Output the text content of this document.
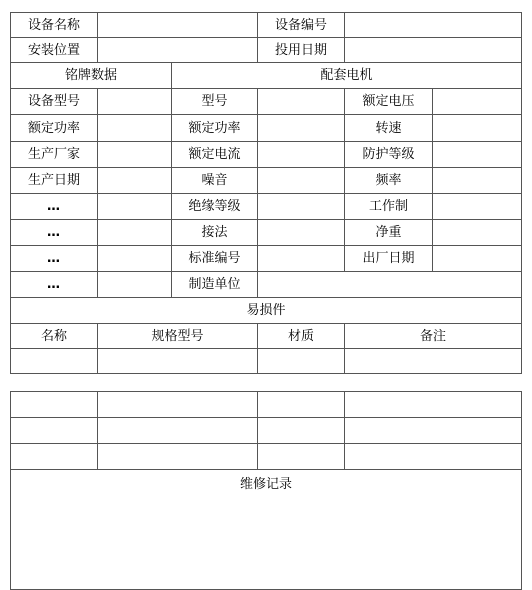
设备名称			设备编号		
安装位置			投用日期		
铭牌数据		配套电机			
设备型号		型号		额定电压	
额定功率		额定功率		转速	
生产厂家		额定电流		防护等级	
生产日期		噪音		频率	
…		绝缘等级		工作制	
…		接法		净重	
…		标准编号		出厂日期	
…		制造单位			
易损件					
名称	规格型号		材质	备注	

维修记录			
